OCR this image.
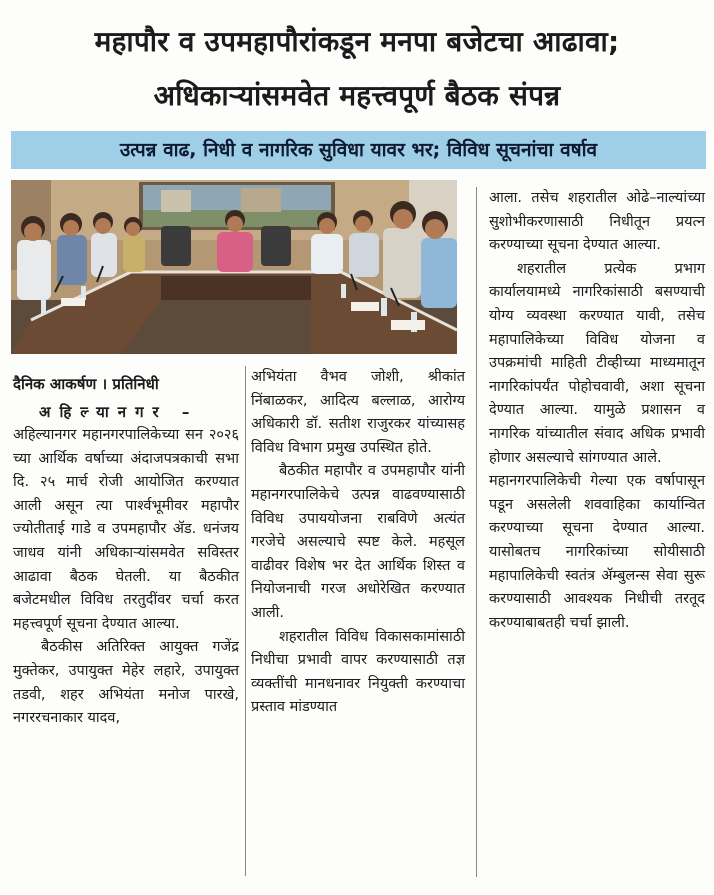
महापौर व उपमहापौरांकडून मनपा बजेटचा आढावा;
अधिकाऱ्यांसमवेत महत्त्वपूर्ण बैठक संपन्न
उत्पन्न वाढ, निधी व नागरिक सुविधा यावर भर; विविध सूचनांचा वर्षाव
दैनिक आकर्षण । प्रतिनिधी
अहिल्यानगर –

अहिल्यानगर महानगरपालिकेच्या सन २०२६ च्या आर्थिक वर्षाच्या अंदाजपत्रकाची सभा दि. २५ मार्च रोजी आयोजित करण्यात आली असून त्या पार्श्वभूमीवर महापौर ज्योतीताई गाडे व उपमहापौर ॲड. धनंजय जाधव यांनी अधिकाऱ्यांसमवेत सविस्तर आढावा बैठक घेतली. या बैठकीत बजेटमधील विविध तरतुदींवर चर्चा करत महत्त्वपूर्ण सूचना देण्यात आल्या.

बैठकीस अतिरिक्त आयुक्त गजेंद्र मुक्तेकर, उपायुक्त मेहेर लहारे, उपायुक्त तडवी, शहर अभियंता मनोज पारखे, नगररचनाकार यादव,

अभियंता वैभव जोशी, श्रीकांत निंबाळकर, आदित्य बल्लाळ, आरोग्य अधिकारी डॉ. सतीश राजुरकर यांच्यासह विविध विभाग प्रमुख उपस्थित होते.

बैठकीत महापौर व उपमहापौर यांनी महानगरपालिकेचे उत्पन्न वाढवण्यासाठी विविध उपाययोजना राबविणे अत्यंत गरजेचे असल्याचे स्पष्ट केले. महसूल वाढीवर विशेष भर देत आर्थिक शिस्त व नियोजनाची गरज अधोरेखित करण्यात आली.

शहरातील विविध विकासकामांसाठी निधीचा प्रभावी वापर करण्यासाठी तज्ञ व्यक्तींची मानधनावर नियुक्ती करण्याचा प्रस्ताव मांडण्यात

आला. तसेच शहरातील ओढे–नाल्यांच्या सुशोभीकरणासाठी निधीतून प्रयत्न करण्याच्या सूचना देण्यात आल्या.

शहरातील प्रत्येक प्रभाग कार्यालयामध्ये नागरिकांसाठी बसण्याची योग्य व्यवस्था करण्यात यावी, तसेच महापालिकेच्या विविध योजना व उपक्रमांची माहिती टीव्हीच्या माध्यमातून नागरिकांपर्यंत पोहोचवावी, अशा सूचना देण्यात आल्या. यामुळे प्रशासन व नागरिक यांच्यातील संवाद अधिक प्रभावी होणार असल्याचे सांगण्यात आले.

महानगरपालिकेची गेल्या एक वर्षापासून पडून असलेली शववाहिका कार्यान्वित करण्याच्या सूचना देण्यात आल्या. यासोबतच नागरिकांच्या सोयीसाठी महापालिकेची स्वतंत्र ॲम्बुलन्स सेवा सुरू करण्यासाठी आवश्यक निधीची तरतूद करण्याबाबतही चर्चा झाली.
